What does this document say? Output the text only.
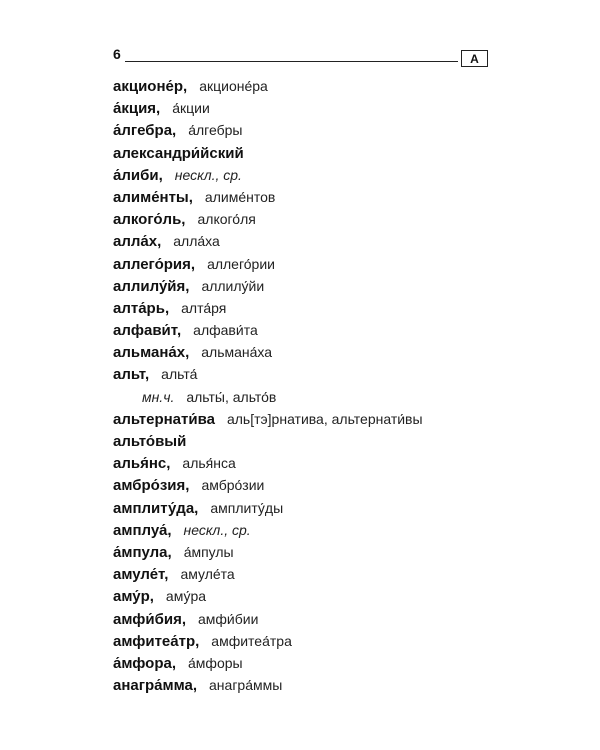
6	А
акционе́р, акционе́ра
а́кция, а́кции
а́лгебра, а́лгебры
александри́йский
а́либи, нескл., ср.
алиме́нты, алиме́нтов
алкого́ль, алкого́ля
алла́х, алла́ха
аллего́рия, аллего́рии
аллилу́йя, аллилу́йи
алта́рь, алта́ря
алфави́т, алфави́та
альмана́х, альмана́ха
альт, альта́
мн.ч. альты́, альто́в
альтернати́ва аль[тэ]рнатива, альтернати́вы
альто́вый
алья́нс, алья́нса
амбро́зия, амбро́зии
амплиту́да, амплиту́ды
амплуа́, нескл., ср.
а́мпула, а́мпулы
амуле́т, амуле́та
аму́р, аму́ра
амфи́бия, амфи́бии
амфитеа́тр, амфитеа́тра
а́мфора, а́мфоры
анагра́мма, анагра́ммы
